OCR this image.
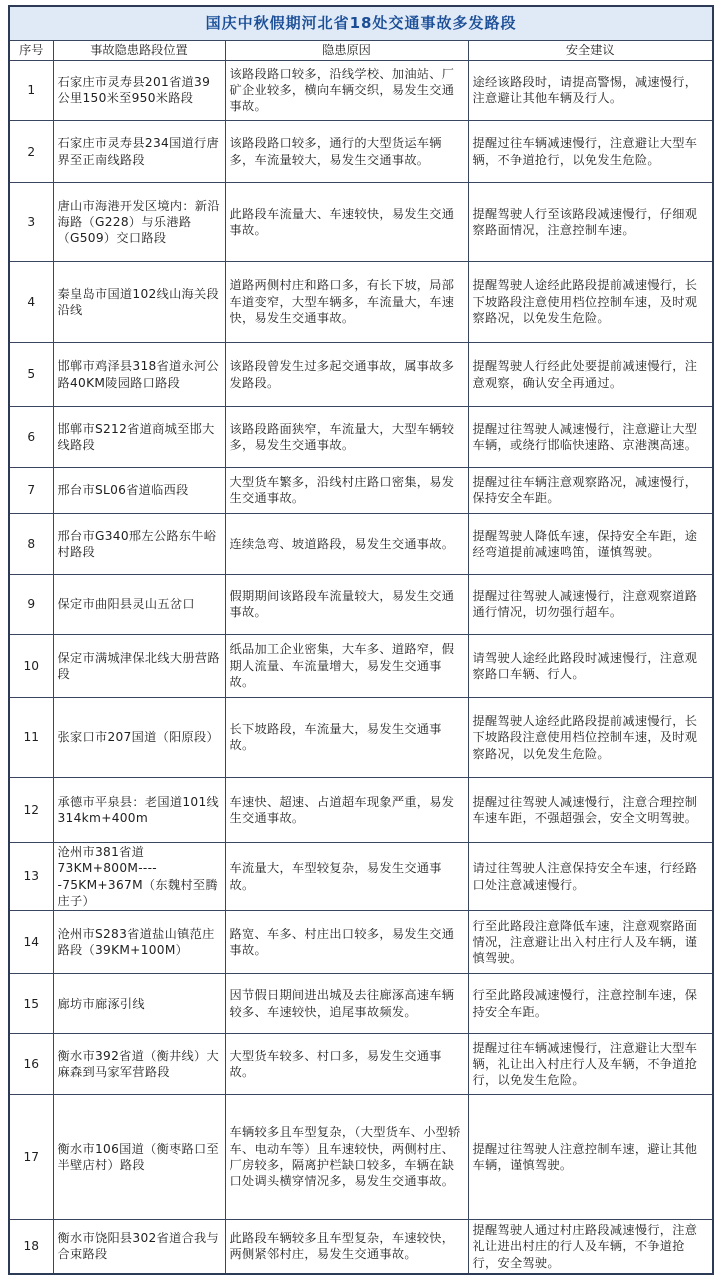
国庆中秋假期河北省18处交通事故多发路段			
序号	事故隐患路段位置	隐患原因	安全建议
1	石家庄市灵寿县201省道39公里150米至950米路段	该路段路口较多，沿线学校、加油站、厂矿企业较多，横向车辆交织，易发生交通事故。	途经该路段时，请提高警惕，减速慢行，注意避让其他车辆及行人。
2	石家庄市灵寿县234国道行唐界至正南线路段	该路段路口较多，通行的大型货运车辆多，车流量较大，易发生交通事故。	提醒过往车辆减速慢行，注意避让大型车辆，不争道抢行，以免发生危险。
3	唐山市海港开发区境内：新沿海路（G228）与乐港路（G509）交口路段	此路段车流量大、车速较快，易发生交通事故。	提醒驾驶人行至该路段减速慢行，仔细观察路面情况，注意控制车速。
4	秦皇岛市国道102线山海关段沿线	道路两侧村庄和路口多，有长下坡，局部车道变窄，大型车辆多，车流量大，车速快，易发生交通事故。	提醒驾驶人途经此路段提前减速慢行，长下坡路段注意使用档位控制车速，及时观察路况，以免发生危险。
5	邯郸市鸡泽县318省道永河公路40KM陵园路口路段	该路段曾发生过多起交通事故，属事故多发路段。	提醒驾驶人行经此处要提前减速慢行，注意观察，确认安全再通过。
6	邯郸市S212省道商城至邯大线路段	该路段路面狭窄，车流量大，大型车辆较多，易发生交通事故。	提醒过往驾驶人减速慢行，注意避让大型车辆，或绕行邯临快速路、京港澳高速。
7	邢台市SL06省道临西段	大型货车繁多，沿线村庄路口密集，易发生交通事故。	提醒过往车辆注意观察路况，减速慢行，保持安全车距。
8	邢台市G340邢左公路东牛峪村路段	连续急弯、坡道路段，易发生交通事故。	提醒驾驶人降低车速，保持安全车距，途经弯道提前减速鸣笛，谨慎驾驶。
9	保定市曲阳县灵山五岔口	假期期间该路段车流量较大，易发生交通事故。	提醒过往驾驶人减速慢行，注意观察道路通行情况，切勿强行超车。
10	保定市满城津保北线大册营路段	纸品加工企业密集，大车多、道路窄，假期人流量、车流量增大，易发生交通事故。	请驾驶人途经此路段时减速慢行，注意观察路口车辆、行人。
11	张家口市207国道（阳原段）	长下坡路段，车流量大，易发生交通事故。	提醒驾驶人途经此路段提前减速慢行，长下坡路段注意使用档位控制车速，及时观察路况，以免发生危险。
12	承德市平泉县：老国道101线314km+400m	车速快、超速、占道超车现象严重，易发生交通事故。	提醒过往驾驶人减速慢行，注意合理控制车速车距，不强超强会，安全文明驾驶。
13	沧州市381省道73KM+800M-----75KM+367M（东魏村至腾庄子）	车流量大，车型较复杂，易发生交通事故。	请过往驾驶人注意保持安全车速，行经路口处注意减速慢行。
14	沧州市S283省道盐山镇范庄路段（39KM+100M）	路宽、车多、村庄出口较多，易发生交通事故。	行至此路段注意降低车速，注意观察路面情况，注意避让出入村庄行人及车辆，谨慎驾驶。
15	廊坊市廊涿引线	因节假日期间进出城及去往廊涿高速车辆较多、车速较快，追尾事故频发。	行至此路段减速慢行，注意控制车速，保持安全车距。
16	衡水市392省道（衡井线）大麻森到马家军营路段	大型货车较多、村口多，易发生交通事故。	提醒过往车辆减速慢行，注意避让大型车辆，礼让出入村庄行人及车辆，不争道抢行，以免发生危险。
17	衡水市106国道（衡枣路口至半壁店村）路段	车辆较多且车型复杂，（大型货车、小型轿车、电动车等）且车速较快，两侧村庄、厂房较多，隔离护栏缺口较多，车辆在缺口处调头横穿情况多，易发生交通事故。	提醒过往驾驶人注意控制车速，避让其他车辆，谨慎驾驶。
18	衡水市饶阳县302省道合我与合束路段	此路段车辆较多且车型复杂，车速较快，两侧紧邻村庄，易发生交通事故。	提醒驾驶人通过村庄路段减速慢行，注意礼让进出村庄的行人及车辆，不争道抢行，安全驾驶。
